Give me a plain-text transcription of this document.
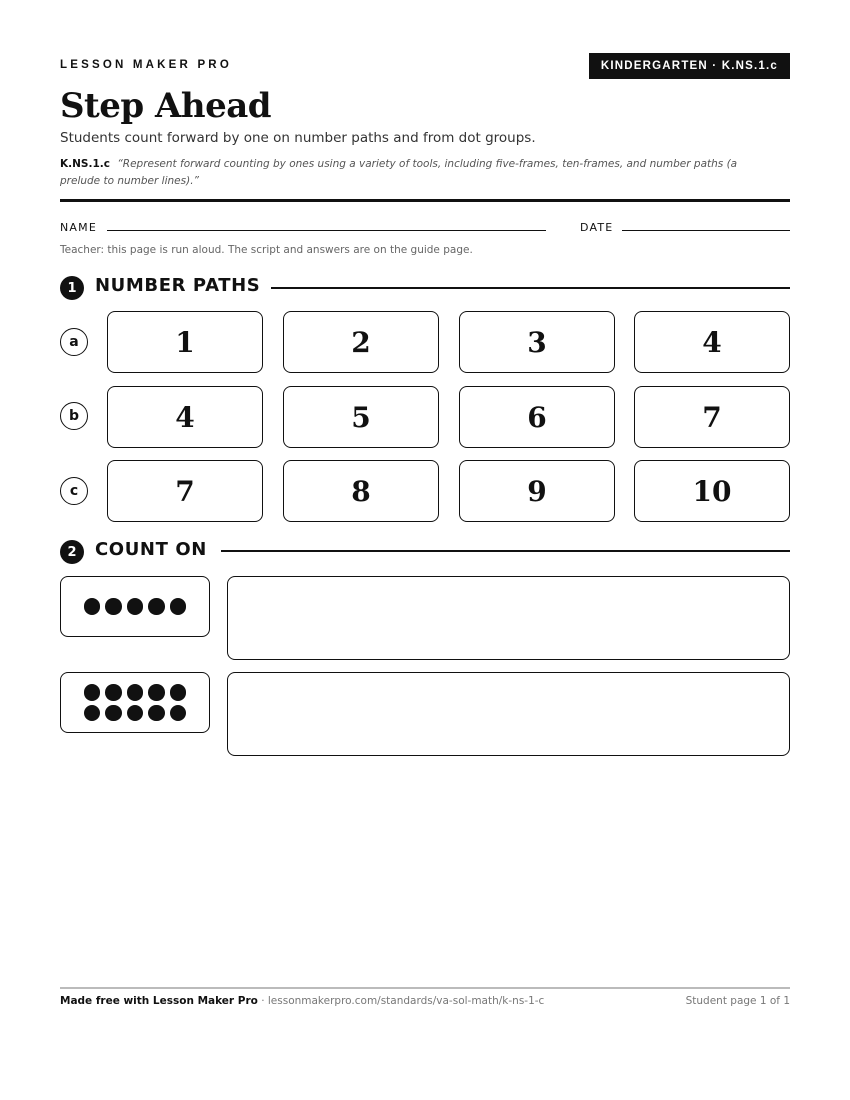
LESSON MAKER PRO	KINDERGARTEN · K.NS.1.c
Step Ahead
Students count forward by one on number paths and from dot groups.
K.NS.1.c “Represent forward counting by ones using a variety of tools, including five-frames, ten-frames, and number paths (a prelude to number lines).”
NAME	DATE
Teacher: this page is run aloud. The script and answers are on the guide page.
1	NUMBER PATHS
a	1	2	3	4
b	4	5	6	7
c	7	8	9	10
2	COUNT ON
Made free with Lesson Maker Pro · lessonmakerpro.com/standards/va-sol-math/k-ns-1-c	Student page 1 of 1
